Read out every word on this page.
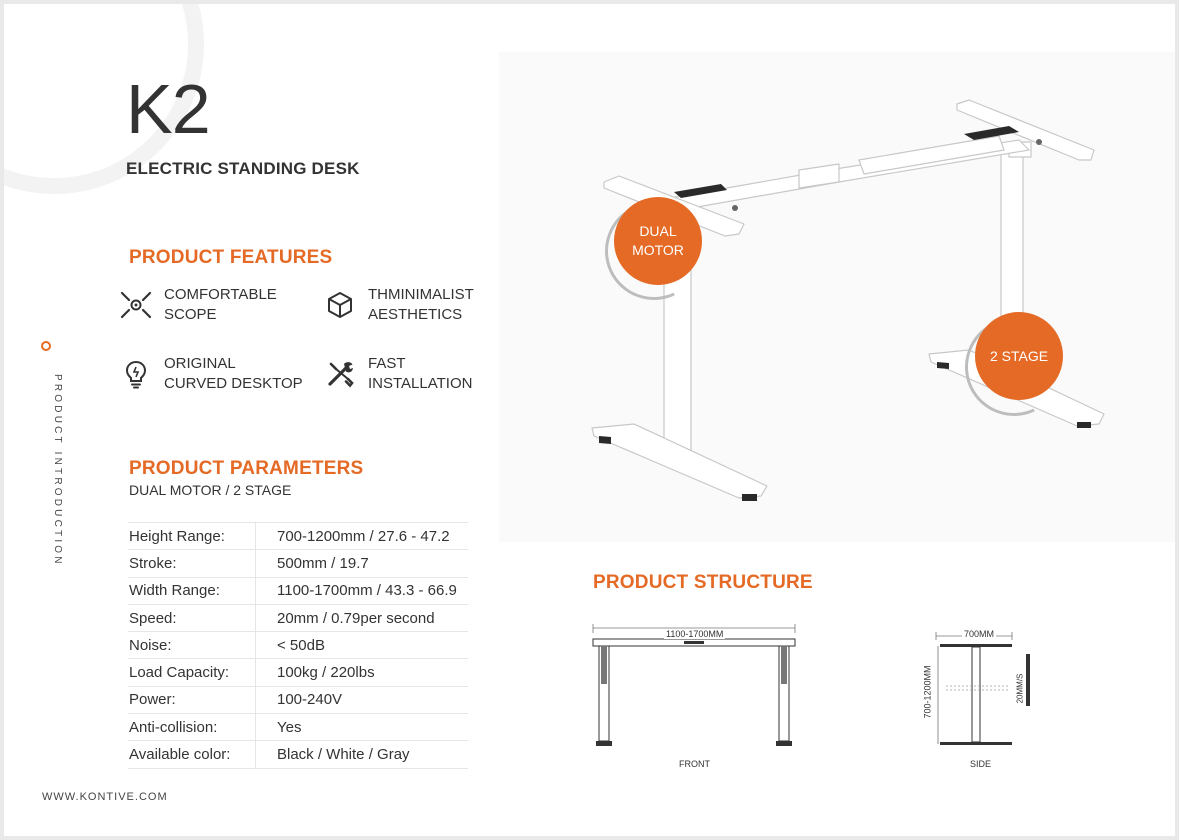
K2
ELECTRIC STANDING DESK
PRODUCT INTRODUCTION
PRODUCT FEATURES
COMFORTABLE
SCOPE
THMINIMALIST
AESTHETICS
ORIGINAL
CURVED DESKTOP
FAST
INSTALLATION
PRODUCT PARAMETERS
DUAL MOTOR / 2 STAGE
Height Range:	700-1200mm / 27.6 - 47.2
Stroke:	500mm / 19.7
Width Range:	1100-1700mm / 43.3 - 66.9
Speed:	20mm / 0.79per second
Noise:	< 50dB
Load Capacity:	100kg / 220lbs
Power:	100-240V
Anti-collision:	Yes
Available color:	Black / White / Gray
WWW.KONTIVE.COM
DUAL
MOTOR
2 STAGE
PRODUCT STRUCTURE
1100-1700MM
FRONT
700MM
700-1200MM	20MM/S
SIDE
